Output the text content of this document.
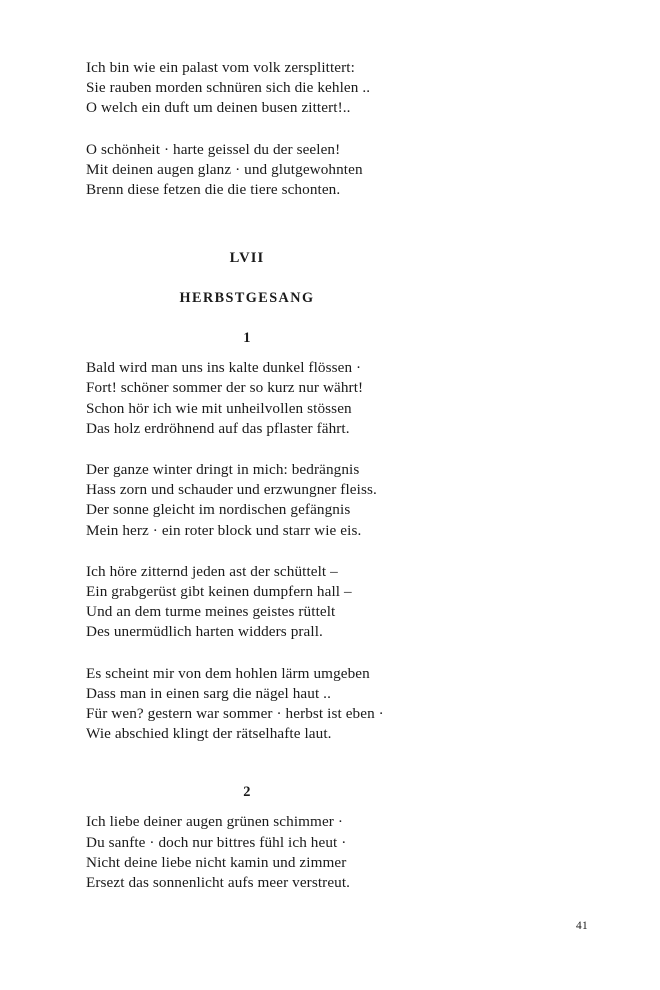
Ich bin wie ein palast vom volk zersplittert:
Sie rauben morden schnüren sich die kehlen ..
O welch ein duft um deinen busen zittert!..
O schönheit · harte geissel du der seelen!
Mit deinen augen glanz · und glutgewohnten
Brenn diese fetzen die die tiere schonten.
LVII
HERBSTGESANG
1
Bald wird man uns ins kalte dunkel flössen ·
Fort! schöner sommer der so kurz nur währt!
Schon hör ich wie mit unheilvollen stössen
Das holz erdröhnend auf das pflaster fährt.
Der ganze winter dringt in mich: bedrängnis
Hass zorn und schauder und erzwungner fleiss.
Der sonne gleicht im nordischen gefängnis
Mein herz · ein roter block und starr wie eis.
Ich höre zitternd jeden ast der schüttelt –
Ein grabgerüst gibt keinen dumpfern hall –
Und an dem turme meines geistes rüttelt
Des unermüdlich harten widders prall.
Es scheint mir von dem hohlen lärm umgeben
Dass man in einen sarg die nägel haut ..
Für wen? gestern war sommer · herbst ist eben ·
Wie abschied klingt der rätselhafte laut.
2
Ich liebe deiner augen grünen schimmer ·
Du sanfte · doch nur bittres fühl ich heut ·
Nicht deine liebe nicht kamin und zimmer
Ersezt das sonnenlicht aufs meer verstreut.
41
